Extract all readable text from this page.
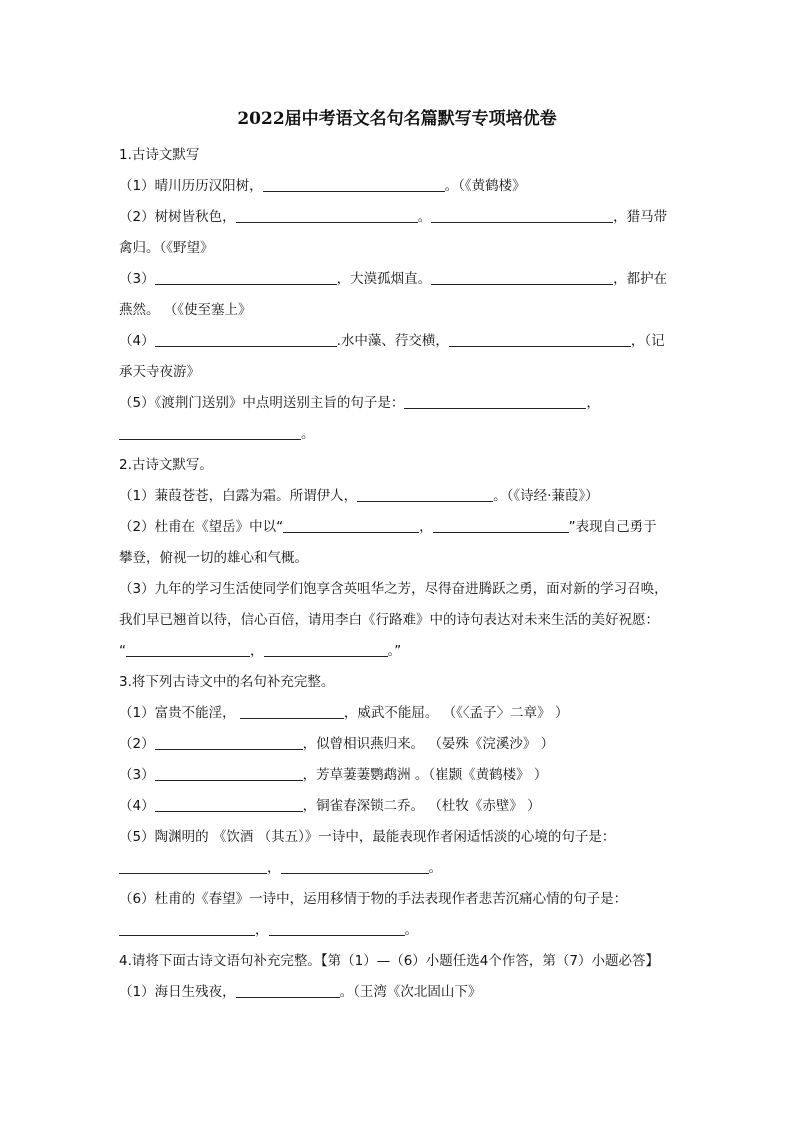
2022届中考语文名句名篇默写专项培优卷
1.古诗文默写
（1）晴川历历汉阳树，	。（《黄鹤楼》
（2）树树皆秋色，	。	，猎马带
禽归。（《野望》
（3）	，大漠孤烟直。	，都护在
燕然。 （《使至塞上》
（4）	.水中藻、荇交横，	，（记
承天寺夜游》
（5）《渡荆门送别》中点明送别主旨的句子是：	，
。
2.古诗文默写。
（1）蒹葭苍苍，白露为霜。所谓伊人，	。（《诗经·蒹葭》）
（2）杜甫在《望岳》中以“	，	”表现自己勇于
攀登，俯视一切的雄心和气概。
（3）九年的学习生活使同学们饱享含英咀华之芳，尽得奋进腾跃之勇，面对新的学习召唤，
我们早已翘首以待，信心百倍，请用李白《行路难》中的诗句表达对未来生活的美好祝愿：
“	，	。”
3.将下列古诗文中的名句补充完整。
（1）富贵不能淫，	，威武不能屈。 （《〈孟子〉二章》 ）
（2）	，似曾相识燕归来。 （晏殊《浣溪沙》 ）
（3）	，芳草萋萋鹦鹉洲 。（崔颢《黄鹤楼》 ）
（4）	，铜雀春深锁二乔。 （杜牧《赤壁》 ）
（5）陶渊明的 《饮酒 （其五）》一诗中，最能表现作者闲适恬淡的心境的句子是：
，	。
（6）杜甫的《春望》一诗中，运用移情于物的手法表现作者悲苦沉痛心情的句子是：
，	。
4.请将下面古诗文语句补充完整。【第（1）—（6）小题任选4个作答，第（7）小题必答】
（1）海日生残夜，	。（王湾《次北固山下》
